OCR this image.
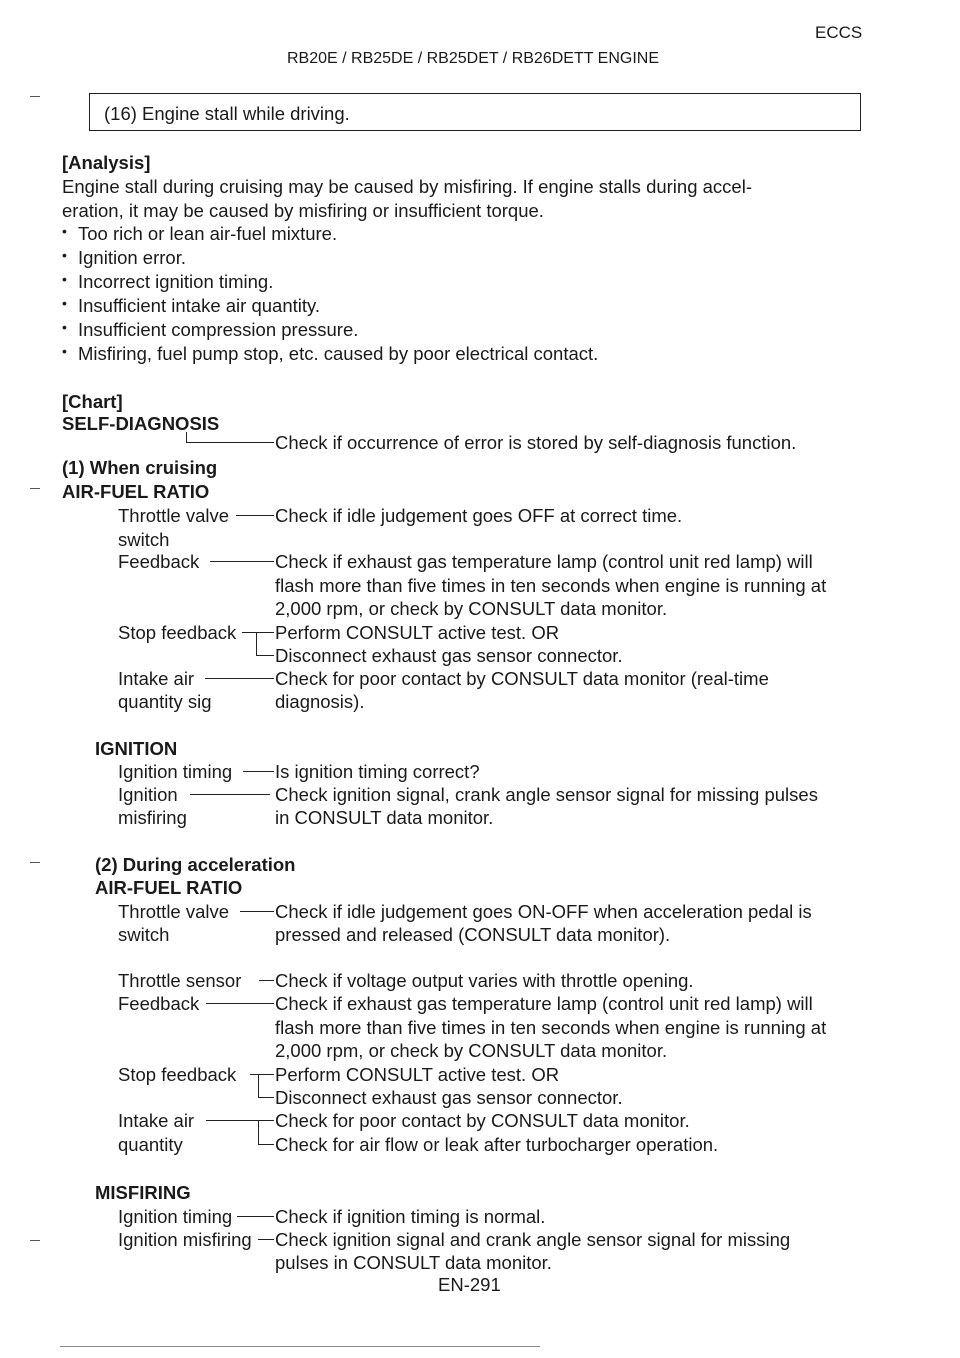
ECCS
RB20E / RB25DE / RB25DET / RB26DETT ENGINE
(16) Engine stall while driving.
[Analysis]
Engine stall during cruising may be caused by misfiring. If engine stalls during accel-
eration, it may be caused by misfiring or insufficient torque.
• Too rich or lean air-fuel mixture.
• Ignition error.
• Incorrect ignition timing.
• Insufficient intake air quantity.
• Insufficient compression pressure.
• Misfiring, fuel pump stop, etc. caused by poor electrical contact.
[Chart]
SELF-DIAGNOSIS
Check if occurrence of error is stored by self-diagnosis function.
(1) When cruising
AIR-FUEL RATIO
Throttle valve
switch
Check if idle judgement goes OFF at correct time.
Feedback	Check if exhaust gas temperature lamp (control unit red lamp) will
flash more than five times in ten seconds when engine is running at
2,000 rpm, or check by CONSULT data monitor.
Stop feedback Perform CONSULT active test. OR
Disconnect exhaust gas sensor connector.
Intake air
quantity sig
Check for poor contact by CONSULT data monitor (real-time
diagnosis).
IGNITION
Ignition timing Is ignition timing correct?
Ignition
misfiring
Check ignition signal, crank angle sensor signal for missing pulses
in CONSULT data monitor.
(2) During acceleration
AIR-FUEL RATIO
Throttle valve
switch
Check if idle judgement goes ON-OFF when acceleration pedal is
pressed and released (CONSULT data monitor).
Throttle sensor Check if voltage output varies with throttle opening.
Feedback	Check if exhaust gas temperature lamp (control unit red lamp) will
flash more than five times in ten seconds when engine is running at
2,000 rpm, or check by CONSULT data monitor.
Stop feedback Perform CONSULT active test. OR
Disconnect exhaust gas sensor connector.
Intake air
quantity
Check for poor contact by CONSULT data monitor.
Check for air flow or leak after turbocharger operation.
MISFIRING
Ignition timing Check if ignition timing is normal.
Ignition misfiring Check ignition signal and crank angle sensor signal for missing
pulses in CONSULT data monitor.
EN-291
